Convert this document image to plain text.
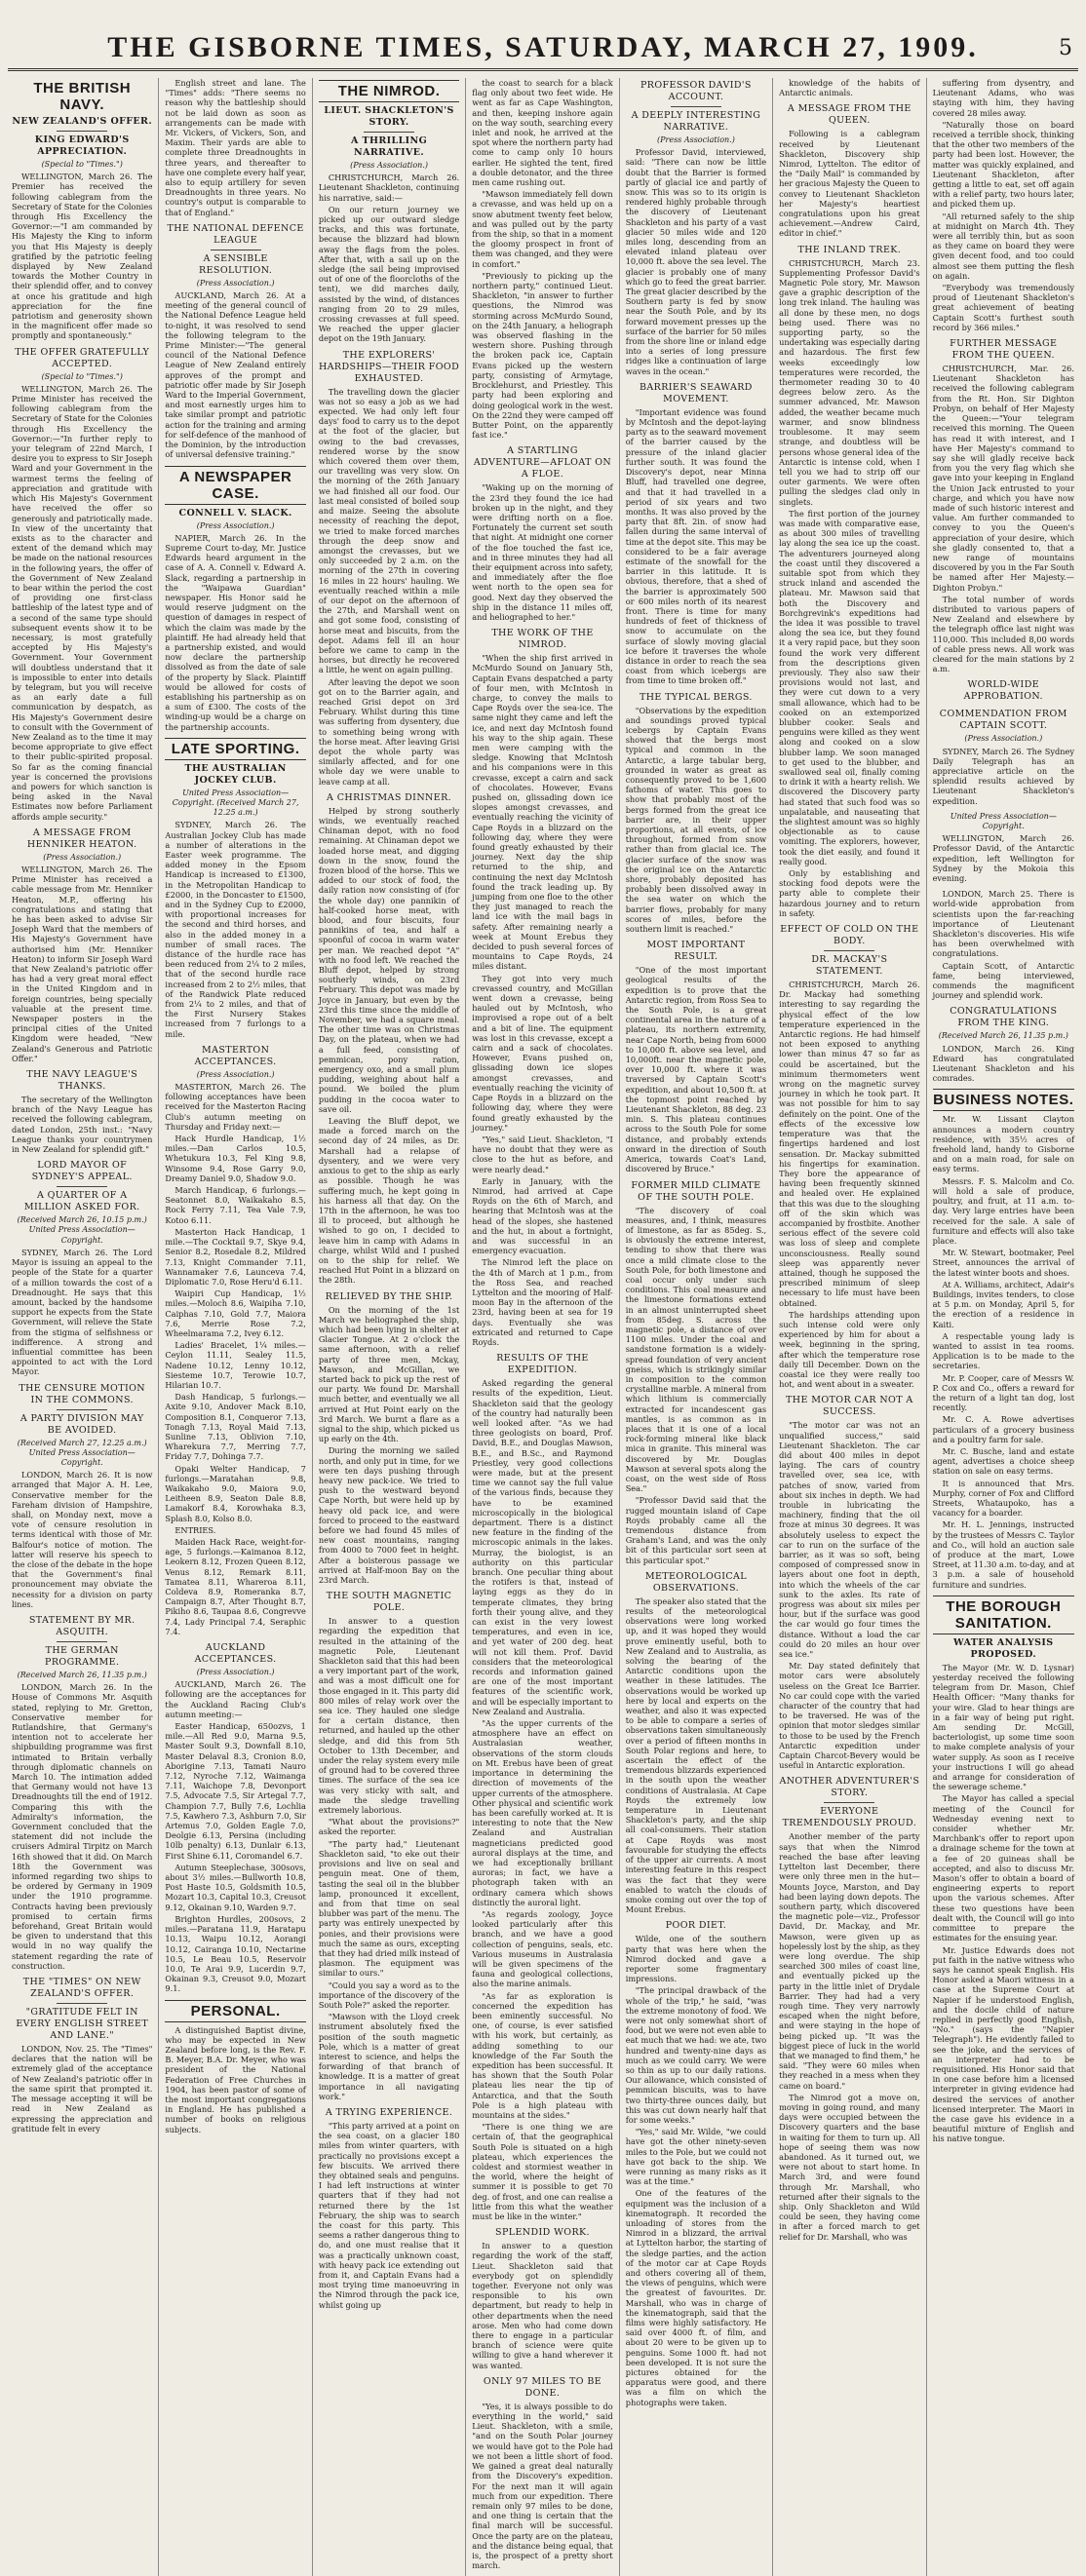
THE GISBORNE TIMES, SATURDAY, MARCH 27, 1909.	5
THE BRITISH NAVY.
NEW ZEALAND'S OFFER.
KING EDWARD'S APPRECIATION.
(Special to "Times.")

WELLINGTON, March 26. The Premier has received the following cablegram from the Secretary of State for the Colonies through His Excellency the Governor:—"I am commanded by His Majesty the King to inform you that His Majesty is deeply gratified by the patriotic feeling displayed by New Zealand towards the Mother Country in their splendid offer, and to convey at once his gratitude and high appreciation for the fine patriotism and generosity shown in the magnificent offer made so promptly and spontaneously."

THE OFFER GRATEFULLY ACCEPTED.
(Special to "Times.")

WELLINGTON, March 26. The Prime Minister has received the following cablegram from the Secretary of State for the Colonies through His Excellency the Governor:—"In further reply to your telegram of 22nd March, I desire you to express to Sir Joseph Ward and your Government in the warmest terms the feeling of appreciation and gratitude with which His Majesty's Government have received the offer so generously and patriotically made. In view of the uncertainty that exists as to the character and extent of the demand which may be made on the national resources in the following years, the offer of the Government of New Zealand to bear within the period the cost of providing one first-class battleship of the latest type and of a second of the same type should subsequent events show it to be necessary, is most gratefully accepted by His Majesty's Government. Your Government will doubtless understand that it is impossible to enter into details by telegram, but you will receive as an early date a full communication by despatch, as His Majesty's Government desire to consult with the Government of New Zealand as to the time it may become appropriate to give effect to their public-spirited proposal. So far as the coming financial year is concerned the provisions and powers for which sanction is being asked in the Naval Estimates now before Parliament affords ample security."

A MESSAGE FROM HENNIKER HEATON.
(Press Association.)

WELLINGTON, March 26. The Prime Minister has received a cable message from Mr. Henniker Heaton, M.P., offering his congratulations and stating that he has been asked to advise Sir Joseph Ward that the members of His Majesty's Government have authorised him (Mr. Henniker Heaton) to inform Sir Joseph Ward that New Zealand's patriotic offer has had a very great moral effect in the United Kingdom and in foreign countries, being specially valuable at the present time. Newspaper posters in the principal cities of the United Kingdom were headed, "New Zealand's Generous and Patriotic Offer."

THE NAVY LEAGUE'S THANKS.

The secretary of the Wellington branch of the Navy League has received the following cablegram, dated London, 25th inst.: "Navy League thanks your countrymen in New Zealand for splendid gift."

LORD MAYOR OF SYDNEY'S APPEAL.
A QUARTER OF A MILLION ASKED FOR.
(Received March 26, 10.15 p.m.) United Press Association—Copyright.

SYDNEY, March 26. The Lord Mayor is issuing an appeal to the people of the State for a quarter of a million towards the cost of a Dreadnought. He says that this amount, backed by the handsome support he expects from the State Government, will relieve the State from the stigma of selfishness or indifference. A strong and influential committee has been appointed to act with the Lord Mayor.

THE CENSURE MOTION IN THE COMMONS.
A PARTY DIVISION MAY BE AVOIDED.
(Received March 27, 12.25 a.m.) United Press Association—Copyright.

LONDON, March 26. It is now arranged that Major A. H. Lee, Conservative member for the Fareham division of Hampshire, shall, on Monday next, move a vote of censure resolution in terms identical with those of Mr. Balfour's notice of motion. The latter will reserve his speech to the close of the debate in the hope that the Government's final pronouncement may obviate the necessity for a division on party lines.

STATEMENT BY MR. ASQUITH.
THE GERMAN PROGRAMME.
(Received March 26, 11.35 p.m.)

LONDON, March 26. In the House of Commons Mr. Asquith stated, replying to Mr. Gretton, Conservative member for Rutlandshire, that Germany's intention not to accelerate her shipbuilding programme was first intimated to Britain verbally through diplomatic channels on March 10. The intimation added that Germany would not have 13 Dreadnoughts till the end of 1912. Comparing this with the Admiralty's information, the Government concluded that the statement did not include the cruisers Admiral Tirpitz on March 16th showed that it did. On March 18th the Government was informed regarding two ships to be ordered by Germany in 1909 under the 1910 programme. Contracts having been previously promised to certain firms beforehand, Great Britain would be given to understand that this would in no way qualify the statement regarding the rate of construction.

THE "TIMES" ON NEW ZEALAND'S OFFER.
"GRATITUDE FELT IN EVERY ENGLISH STREET AND LANE."

LONDON, Nov. 25. The "Times" declares that the nation will be extremely glad of the acceptance of New Zealand's patriotic offer in the same spirit that prompted it. The message accepting it will be read in New Zealand as expressing the appreciation and gratitude felt in every

English street and lane. The "Times" adds: "There seems no reason why the battleship should not be laid down as soon as arrangements can be made with Mr. Vickers, of Vickers, Son, and Maxim. Their yards are able to complete three Dreadnoughts in three years, and thereafter to have one complete every half year, also to equip artillery for seven Dreadnoughts in three years. No country's output is comparable to that of England."

THE NATIONAL DEFENCE LEAGUE
A SENSIBLE RESOLUTION.
(Press Association.)

AUCKLAND, March 26. At a meeting of the general council of the National Defence League held to-night, it was resolved to send the following telegram to the Prime Minister:—"The general council of the National Defence League of New Zealand entirely approves of the prompt and patriotic offer made by Sir Joseph Ward to the Imperial Government, and most earnestly urges him to take similar prompt and patriotic action for the training and arming for self-defence of the manhood of the Dominion, by the introduction of universal defensive training."

A NEWSPAPER CASE.
CONNELL V. SLACK.
(Press Association.)

NAPIER, March 26. In the Supreme Court to-day, Mr. Justice Edwards heard argument in the case of A. A. Connell v. Edward A. Slack, regarding a partnership in the "Waipawa Guardian" newspaper. His Honor said he would reserve judgment on the question of damages in respect of which the claim was made by the plaintiff. He had already held that a partnership existed, and would now declare the partnership dissolved as from the date of sale of the property by Slack. Plaintiff would be allowed for costs of establishing his partnership as on a sum of £300. The costs of the winding-up would be a charge on the partnership accounts.

LATE SPORTING.
THE AUSTRALIAN JOCKEY CLUB.
United Press Association—Copyright. (Received March 27, 12.25 a.m.)

SYDNEY, March 26. The Australian Jockey Club has made a number of alterations in the Easter week programme. The added money in the Epsom Handicap is increased to £1300, in the Metropolitan Handicap to £2000, in the Doncaster to £1500, and in the Sydney Cup to £2000, with proportional increases for the second and third horses, and also in the added money in a number of small races. The distance of the hurdle race has been reduced from 2¼ to 2 miles, that of the second hurdle race increased from 2 to 2½ miles, that of the Randwick Plate reduced from 2¼ to 2 miles, and that of the First Nursery Stakes increased from 7 furlongs to a mile.

MASTERTON ACCEPTANCES.
(Press Association.)

MASTERTON, March 26. The following acceptances have been received for the Masterton Racing Club's autumn meeting on Thursday and Friday next:—

Hack Hurdle Handicap, 1½ miles.—Dan Carlos 10.5, Whetukura 10.3, Fel King 9.8, Winsome 9.4, Rose Garry 9.0, Dreamy Daniel 9.0, Shadow 9.0.

March Handicap, 6 furlongs.—Seatonnet 8.0, Waikakaho 8.5, Rock Ferry 7.11, Tea Vale 7.9, Kotoo 6.11.

Masterton Hack Handicap, 1 mile.—The Cocktail 9.7, Skye 9.4, Senior 8.2, Rosedale 8.2, Mildred 7.13, Knight Commander 7.11, Wannamaker 7.6, Launceva 7.4, Diplomatic 7.0, Rose Heru'd 6.11.

Waipiri Cup Handicap, 1½ miles.—Moloch 8.6, Waipiha 7.10, Caiphas 7.10, Gold 7.7, Maiora 7.6, Merrie Rose 7.2, Wheelmarama 7.2, Ivey 6.12.

Ladies' Bracelet, 1¼ miles.—Ceylon 11.11, Sealey 11.5, Nadene 10.12, Lenny 10.12, Siesteme 10.7, Terowie 10.7, Hilarian 10.7.

Dash Handicap, 5 furlongs.—Axite 9.10, Andover Mack 8.10, Composition 8.1, Conqueror 7.13, Tonagh 7.13, Royal Maid 7.13, Sunline 7.13, Oblivion 7.10, Wharekura 7.7, Merring 7.7, Friday 7.7, Dohinga 7.7.

Opaki Welter Handicap, 7 furlongs.—Maratahan 9.8, Waikakaho 9.0, Maiora 9.0, Leitheen 8.9, Seaton Dale 8.8, Lamakorf 8.4, Korowhaka 8.3, Splash 8.0, Kolso 8.0.

ENTRIES.

Maiden Hack Race, weight-for-age, 5 furlongs.—Kaimanoa 8.12, Leokern 8.12, Frozen Queen 8.12, Venus 8.12, Remark 8.11, Tamatea 8.11, Whareroa 8.11, Coldeva 8.9, Romeranka 8.7, Campaign 8.7, After Thought 8.7, Pikiho 8.6, Taupaa 8.6, Congrevve 7.4, Lady Principal 7.4, Seraphic 7.4.

AUCKLAND ACCEPTANCES.
(Press Association.)

AUCKLAND, March 26. The following are the acceptances for the Auckland Racing Club's autumn meeting:—

Easter Handicap, 650ozvs, 1 mile.—All Red 9.0, Marna 9.5, Master Soult 9.3, Downfall 8.10, Master Delaval 8.3, Cronion 8.0, Aborigine 7.13, Tamati Nauro 7.12, Nyroche 7.12, Waimanga 7.11, Waichope 7.8, Devonport 7.5, Advocate 7.5, Sir Artegal 7.7, Champion 7.7, Bully 7.6, Lochlia 7.5, Kawhero 7.3, Ashburn 7.0, Sir Artemus 7.0, Golden Eagle 7.0, Deolgie 6.13, Persina (including 10lb penalty) 6.13, Dunlair 6.13, First Shine 6.11, Coromandel 6.7.

Autumn Steeplechase, 300sovs, about 3½ miles.—Bullworth 10.8, Post Haste 10.5, Goldsmith 10.5, Mozart 10.3, Capital 10.3, Creusot 9.12, Okainan 9.10, Warden 9.7.

Brighton Hurdles, 200sovs, 2 miles.—Paratana 11.9, Haratapu 10.13, Waipu 10.12, Aorangi 10.12, Cairanga 10.10, Nectarine 10.5, Le Beau 10.5, Reservoir 10.0, Te Arai 9.9, Lucerdin 9.7, Okainan 9.3, Creusot 9.0, Mozart 9.1.

PERSONAL.

A distinguished Baptist divine, who may be expected in New Zealand before long, is the Rev. F. B. Meyer, B.A. Dr. Meyer, who was president of the National Federation of Free Churches in 1904, has been pastor of some of the most important congregations in England. He has published a number of books on religious subjects.

THE NIMROD.
LIEUT. SHACKLETON'S STORY.
A THRILLING NARRATIVE.
(Press Association.)

CHRISTCHURCH, March 26. Lieutenant Shackleton, continuing his narrative, said:—

On our return journey we picked up our outward sledge tracks, and this was fortunate, because the blizzard had blown away the flags from the poles. After that, with a sail up on the sledge (the sail being improvised out of one of the floorcloths of the tent), we did marches daily, assisted by the wind, of distances ranging from 20 to 29 miles, crossing crevasses at full speed. We reached the upper glacier depot on the 19th January.

THE EXPLORERS' HARDSHIPS—THEIR FOOD EXHAUSTED.

The travelling down the glacier was not so easy a job as we had expected. We had only left four days' food to carry us to the depot at the foot of the glacier, but owing to the bad crevasses, rendered worse by the snow which covered them over them, our travelling was very slow. On the morning of the 26th January we had finished all our food. Our last meal consisted of boiled soup and maize. Seeing the absolute necessity of reaching the depot, we tried to make forced marches through the deep snow and amongst the crevasses, but we only succeeded by 2 a.m. on the morning of the 27th in covering 16 miles in 22 hours' hauling. We eventually reached within a mile of our depot on the afternoon of the 27th, and Marshall went on and got some food, consisting of horse meat and biscuits, from the depot. Adams fell ill an hour before we came to camp in the horses, but directly he recovered a little, he went on again pulling.

After leaving the depot we soon got on to the Barrier again, and reached Grisi depot on 3rd February. Whilst during this time was suffering from dysentery, due to something being wrong with the horse meat. After leaving Grisi depot the whole party was similarly affected, and for one whole day we were unable to leave camp at all.

A CHRISTMAS DINNER.

Helped by strong southerly winds, we eventually reached Chinaman depot, with no food remaining. At Chinaman depot we loaded horse meat, and digging down in the snow, found the frozen blood of the horse. This we added to our stock of food, the daily ration now consisting of (for the whole day) one pannikin of half-cooked horse meat, with blood, and four biscuits, four pannikins of tea, and half a spoonful of cocoa in warm water per man. We reached depot "A" with no food left. We reached the Bluff depot, helped by strong southerly winds, on 23rd February. This depot was made by Joyce in January, but even by the 23rd this time since the middle of November, we had a square meal. The other time was on Christmas Day, on the plateau, when we had a full feed, consisting of pemmican, pony ration, emergency oxo, and a small plum pudding, weighing about half a pound. We boiled the plum pudding in the cocoa water to save oil.

Leaving the Bluff depot, we made a forced march on the second day of 24 miles, as Dr. Marshall had a relapse of dysentery, and we were very anxious to get to the ship as early as possible. Though he was suffering much, he kept going in his harness all that day. On the 17th in the afternoon, he was too ill to proceed, but although he wished to go on, I decided to leave him in camp with Adams in charge, whilst Wild and I pushed on to the ship for relief. We reached Hut Point in a blizzard on the 28th.

RELIEVED BY THE SHIP.

On the morning of the 1st March we heliographed the ship, which had been lying in shelter at Glacier Tongue. At 2 o'clock the same afternoon, with a relief party of three men, Mckay, Mawson, and McGillan, we started back to pick up the rest of our party. We found Dr. Marshall much better, and eventually we all arrived at Hut Point early on the 3rd March. We burnt a flare as a signal to the ship, which picked us up early on the 4th.

During the morning we sailed north, and only put in time, for we were ten days pushing through heavy new pack-ice. We tried to push to the westward beyond Cape North, but were held up by heavy old pack ice, and were forced to proceed to the eastward before we had found 45 miles of new coast mountains, ranging from 4000 to 7000 feet in height. After a boisterous passage we arrived at Half-moon Bay on the 23rd March.

THE SOUTH MAGNETIC POLE.

In answer to a question regarding the expedition that resulted in the attaining of the magnetic Pole, Lieutenant Shackleton said that this had been a very important part of the work, and was a most difficult one for those engaged in it. This party did 800 miles of relay work over the sea ice. They hauled one sledge for a certain distance, then returned, and hauled up the other sledge, and did this from 5th October to 13th December, and under the relay system every mile of ground had to be covered three times. The surface of the sea ice was very sticky with salt, and made the sledge travelling extremely laborious.

"What about the provisions?" asked the reporter.

"The party had," Lieutenant Shackleton said, "to eke out their provisions and live on seal and penguin meat. One of them, tasting the seal oil in the blubber lamp, pronounced it excellent, and from that time on seal blubber was part of the menu. The party was entirely unexpected by ponies, and their provisions were much the same as ours, excepting that they had dried milk instead of plasmon. The equipment was similar to ours."

"Could you say a word as to the importance of the discovery of the South Pole?" asked the reporter.

"Mawson with the Lloyd creek instrument absolutely fixed the position of the south magnetic Pole, which is a matter of great interest to science, and helps the forwarding of that branch of knowledge. It is a matter of great importance in all navigating work."

A TRYING EXPERIENCE.

"This party arrived at a point on the sea coast, on a glacier 180 miles from winter quarters, with practically no provisions except a few biscuits. We arrived there they obtained seals and penguins. I had left instructions at winter quarters that if they had not returned there by the 1st February, the ship was to search the coast for this party. This seems a rather dangerous thing to do, and one must realise that it was a practically unknown coast, with heavy pack ice extending out from it, and Captain Evans had a most trying time manoeuvring in the Nimrod through the pack ice, whilst going up

the coast to search for a black flag only about two feet wide. He went as far as Cape Washington, and then, keeping inshore again on the way south, searching every inlet and nook, he arrived at the spot where the northern party had come to camp only 10 hours earlier. He sighted the tent, fired a double detonator, and the three men came rushing out.

"Mawson immediately fell down a crevasse, and was held up on a snow abutment twenty feet below, and was pulled out by the party from the ship, so that in a moment the gloomy prospect in front of them was changed, and they were in comfort."

"Previously to picking up the northern party," continued Lieut. Shackleton, "in answer to further questions, the Nimrod was storming across McMurdo Sound, on the 24th January, a heliograph was observed flashing in the western shore. Pushing through the broken pack ice, Captain Evans picked up the western party, consisting of Armytage, Brocklehurst, and Priestley. This party had been exploring and doing geological work in the west. On the 22nd they were camped off Butter Point, on the apparently fast ice."

A STARTLING ADVENTURE—AFLOAT ON A FLOE.

"Waking up on the morning of the 23rd they found the ice had broken up in the night, and they were drifting north on a floe. Fortunately the current set south that night. At midnight one corner of the floe touched the fast ice, and in three minutes they had all their equipment across into safety, and immediately after the floe went north to the open sea for good. Next day they observed the ship in the distance 11 miles off, and heliographed to her."

THE WORK OF THE NIMROD.

"When the ship first arrived in McMurdo Sound on January 5th, Captain Evans despatched a party of four men, with McIntosh in charge, to convey the mails to Cape Royds over the sea-ice. The same night they came and left the ice, and next day McIntosh found his way to the ship again. These men were camping with the sledge. Knowing that McIntosh and his companions were in this crevasse, except a cairn and sack of chocolates. However, Evans pushed on, glissading down ice slopes amongst crevasses, and eventually reaching the vicinity of Cape Royds in a blizzard on the following day, where they were found greatly exhausted by their journey. Next day the ship returned to the ship, and continuing the next day McIntosh found the track leading up. By jumping from one floe to the other they just managed to reach the land ice with the mail bags in safety. After remaining nearly a week at Mount Erebus they decided to push several forces of mountains to Cape Royds, 24 miles distant.

They got into very much crevassed country, and McGillan went down a crevasse, being hauled out by McIntosh, who improvised a rope out of a belt and a bit of line. The equipment was lost in this crevasse, except a cairn and a sack of chocolates. However, Evans pushed on, glissading down ice slopes amongst crevasses, and eventually reaching the vicinity of Cape Royds in a blizzard on the following day, where they were found greatly exhausted by the journey."

"Yes," said Lieut. Shackleton, "I have no doubt that they were as close to the hut as before, and were nearly dead."

Early in January, with the Nimrod, had arrived at Cape Royds on the 6th of March, and hearing that McIntosh was at the head of the slopes, she hastened and the hut, in about a fortnight, and was successful in an emergency evacuation.

The Nimrod left the place on the 4th of March at 1 p.m., from the Ross Sea, and reached Lyttelton and the mooring of Half-moon Bay in the afternoon of the 23rd, having been at sea for 19 days. Eventually she was extricated and returned to Cape Royds.

RESULTS OF THE EXPEDITION.

Asked regarding the general results of the expedition, Lieut. Shackleton said that the geology of the country had naturally been well looked after. "As we had three geologists on board, Prof. David, B.E., and Douglas Mawson, B.E., and B.Sc., and Raymond Priestley, very good collections were made, but at the present time we cannot say the full value of the various finds, because they have to be examined microscopically in the biological department. There is a distinct new feature in the finding of the microscopic animals in the lakes. Murray, the biologist, is an authority on this particular branch. One peculiar thing about the rotifers is that, instead of laying eggs as they do in temperate climates, they bring forth their young alive, and they can exist in the very lowest temperatures, and even in ice, and yet water of 200 deg. heat will not kill them. Prof. David considers that the meteorological records and information gained are one of the most important features of the scientific work, and will be especially important to New Zealand and Australia.

"As the upper currents of the atmosphere have an effect on Australasian weather, observations of the storm clouds on Mt. Erebus have been of great importance in determining the direction of movements of the upper currents of the atmosphere. Other physical and scientific work has been carefully worked at. It is interesting to note that the New Zealand and Australian magneticians predicted good auroral displays at the time, and we had exceptionally brilliant auroras; in fact, we have a photograph taken with an ordinary camera which shows distinctly the auroral light.

"As regards zoology, Joyce looked particularly after this branch, and we have a good collection of penguins, seals, etc. Various museums in Australasia will be given specimens of the fauna and geological collections, also the marine animals.

"As far as exploration is concerned the expedition has been eminently successful. No one, of course, is ever satisfied with his work, but certainly, as adding something to our knowledge of the Far South the expedition has been successful. It has shown that the South Polar plateau lies near the tip of Antarctica, and that the South Pole is a high plateau with mountains at the sides."

"There is one thing we are certain of, that the geographical South Pole is situated on a high plateau, which experiences the coldest and stormiest weather in the world, where the height of summer it is possible to get 70 deg. of frost, and one can realise a little from this what the weather must be like in the winter."

SPLENDID WORK.

In answer to a question regarding the work of the staff, Lieut. Shackleton said that everybody got on splendidly together. Everyone not only was responsible to his own department, but ready to help in other departments when the need arose. Men who had come down there to engage in a particular branch of science were quite willing to give a hand wherever it was wanted.

ONLY 97 MILES TO BE DONE.

"Yes, it is always possible to do everything in the world," said Lieut. Shackleton, with a smile, "and on the South Polar journey we would have got to the Pole had we not been a little short of food. We gained a great deal naturally from the Discovery's expedition. For the next man it will again much from our expedition. There remain only 97 miles to be done, and one thing is certain that the final march will be successful. Once the party are on the plateau, and the distance being equal, that is, the prospect of a pretty short march.

PROFESSOR DAVID'S ACCOUNT.
A DEEPLY INTERESTING NARRATIVE.
(Press Association.)

Professor David, interviewed, said: "There can now be little doubt that the Barrier is formed partly of glacial ice and partly of snow. This was so to its origin is rendered highly probable through the discovery of Lieutenant Shackleton and his party of a vast glacier 50 miles wide and 120 miles long, descending from an elevated inland plateau over 10,000 ft. above the sea level. The glacier is probably one of many which go to feed the great barrier. The great glacier described by the Southern party is fed by snow near the South Pole, and by its forward movement presses up the surface of the barrier for 50 miles from the shore line or inland edge into a series of long pressure ridges like a continuation of large waves in the ocean."

BARRIER'S SEAWARD MOVEMENT.

"Important evidence was found by McIntosh and the depot-laying party as to the seaward movement of the barrier caused by the pressure of the inland glacier further south. It was found the Discovery's depot, near Minna Bluff, had travelled one degree, and that it had travelled in a period of six years and two months. It was also proved by the party that 8ft. 2in. of snow had fallen during the same interval of time at the depot site. This may be considered to be a fair average estimate of the snowfall for the barrier in this latitude. It is obvious, therefore, that a shed of the barrier is approximately 500 or 600 miles north of its nearest front. There is time for many hundreds of feet of thickness of snow to accumulate on the surface of slowly moving glacial ice before it traverses the whole distance in order to reach the sea coast from which icebergs are from time to time broken off."

THE TYPICAL BERGS.

"Observations by the expedition and soundings proved typical icebergs by Captain Evans showed that the bergs most typical and common in the Antarctic, a large tabular berg, grounded in water as great as consequently proved to be 1,600 fathoms of water. This goes to show that probably most of the bergs formed from the great ice barrier are, in their upper proportions, at all events, of ice throughout, formed from snow rather than from glacial ice. The glacier surface of the snow was the original ice on the Antarctic shore, probably deposited has probably been dissolved away in the sea water on which the barrier flows, probably for many scores of miles, before the southern limit is reached."

MOST IMPORTANT RESULT.

"One of the most important geological results of the expedition is to prove that the Antarctic region, from Ross Sea to the South Pole, is a great continental area in the nature of a plateau, its northern extremity, near Cape North, being from 6000 to 10,000 ft. above sea level, and 10,000ft. near the magnetic pole, over 10,000 ft. where it was traversed by Captain Scott's expedition, and about 10,500 ft. at the topmost point reached by Lieutenant Shackleton, 88 deg. 23 min. S. This plateau continues across to the South Pole for some distance, and probably extends onward in the direction of South America, towards Coat's Land, discovered by Bruce."

FORMER MILD CLIMATE OF THE SOUTH POLE.

"The discovery of coal measures, and, I think, measures of limestone, as far as 85deg. S., is obviously the extreme interest, tending to show that there was once a mild climate close to the South Pole, for both limestone and coal occur only under such conditions. This coal measure and the limestone formations extend in an almost uninterrupted sheet from 85deg. S. across the magnetic pole, a distance of over 1100 miles. Under the coal and sandstone formation is a widely-spread foundation of very ancient gneiss, which is strikingly similar in composition to the common crystalline marble. A mineral from which lithium is commercially extracted for incandescent gas mantles, is as common as in places that it is one of a local rock-forming mineral like black mica in granite. This mineral was discovered by Mr. Douglas Mawson at several spots along the coast, on the west side of Ross Sea."

"Professor David said that the rugged mountain island of Cape Royds probably came all the tremendous distance from Graham's Land, and was the only bit of this particular sort seen at this particular spot."

METEOROLOGICAL OBSERVATIONS.

The speaker also stated that the results of the meteorological observations were long worked up, and it was hoped they would prove eminently useful, both to New Zealand and to Australia, as solving the bearing of the Antarctic conditions upon the weather in these latitudes. The observations would be worked up here by local and experts on the weather, and also it was expected to be able to compare a series of observations taken simultaneously over a period of fifteen months in South Polar regions and here, to ascertain the effect of the tremendous blizzards experienced in the south upon the weather conditions of Australasia. At Cape Royds the extremely low temperature in Lieutenant Shackleton's party, and the ship all coal-consumers. Their station at Cape Royds was most favourable for studying the effects of the upper air currents. A most interesting feature in this respect was the fact that they were enabled to watch the clouds of smoke coming out over the top of Mount Erebus.

POOR DIET.

Wilde, one of the southern party that was here when the Nimrod docked and gave a reporter some fragmentary impressions.

"The principal drawback of the whole of the trip," he said, "was the extreme monotony of food. We were not only somewhat short of food, but we were not even able to eat much that we had: we ate, two hundred and twenty-nine days as much as we could carry. We were so thin as up to our daily rations. Our allowance, which consisted of pemmican biscuits, was to have two thirty-three ounces daily, but this was cut down nearly half that for some weeks."

"Yes," said Mr. Wilde, "we could have got the other ninety-seven miles to the Pole, but we could not have got back to the ship. We were running as many risks as it was at the time."

One of the features of the equipment was the inclusion of a kinematograph. It recorded the unloading of stores from the Nimrod in a blizzard, the arrival at Lyttelton harbor, the starting of the sledge parties, and the action of the motor car at Cape Royds and others covering all of them, the views of penguins, which were the greatest of favourites. Dr. Marshall, who was in charge of the kinematograph, said that the films were highly satisfactory. He said over 4000 ft. of film, and about 20 were to be given up to penguins. Some 1000 ft. had not been developed. It is not sure the pictures obtained for the apparatus were good, and there was a film on which the photographs were taken.

knowledge of the habits of Antarctic animals.

A MESSAGE FROM THE QUEEN.

Following is a cablegram received by Lieutenant Shackleton, Discovery ship Nimrod, Lyttelton. The editor of the "Daily Mail" is commanded by her gracious Majesty the Queen to convey to Lieutenant Shackleton her Majesty's heartiest congratulations upon his great achievement.—Andrew Caird, editor in chief."

THE INLAND TREK.

CHRISTCHURCH, March 23. Supplementing Professor David's Magnetic Pole story, Mr. Mawson gave a graphic description of the long trek inland. The hauling was all done by these men, no dogs being used. There was no supporting party, so the undertaking was especially daring and hazardous. The first few weeks exceedingly low temperatures were recorded, the thermometer reading 30 to 40 degrees below zero. As the summer advanced, Mr. Mawson added, the weather became much warmer, and snow blindness troublesome. It may seem strange, and doubtless will be persons whose general idea of the Antarctic is intense cold, when I tell you we had to strip off our outer garments. We were often pulling the sledges clad only in singlets.

The first portion of the journey was made with comparative ease, as about 300 miles of travelling lay along the sea ice up the coast. The adventurers journeyed along the coast until they discovered a suitable spot from which they struck inland and ascended the plateau. Mr. Mawson said that both the Discovery and Borchgrevink's expeditions had the idea it was possible to travel along the sea ice, but they found it a very rapid pace, but they soon found the work very different from the descriptions given previously. They also saw their provisions would not last, and they were cut down to a very small allowance, which had to be cooked on an extemporized blubber cooker. Seals and penguins were killed as they went along and cooked on a slow blubber lamp. We soon managed to get used to the blubber, and swallowed seal oil, finally coming to drink it with a hearty relish. We discovered the Discovery party had stated that such food was so unpalatable, and nauseating that the slightest amount was so highly objectionable as to cause vomiting. The explorers, however, took the diet easily, and found it really good.

Only by establishing and stocking food depots were the party able to complete their hazardous journey and to return in safety.

EFFECT OF COLD ON THE BODY.
DR. MACKAY'S STATEMENT.

CHRISTCHURCH, March 26. Dr. Mackay had something interesting to say regarding the physical effect of the low temperature experienced in the Antarctic regions. He had himself not been exposed to anything lower than minus 47 so far as could be ascertained, but the minimum thermometers went wrong on the magnetic survey journey in which he took part. It was not possible for him to say definitely on the point. One of the effects of the excessive low temperature was that the fingertips hardened and lost sensation. Dr. Mackay submitted his fingertips for examination. They bore the appearance of having been frequently skinned and healed over. He explained that this was due to the sloughing off of the skin which was accompanied by frostbite. Another serious effect of the severe cold was loss of sleep and complete unconsciousness. Really sound sleep was apparently never attained, though he supposed the prescribed minimum of sleep necessary to life must have been obtained.

The hardships attending upon such intense cold were only experienced by him for about a week, beginning in the spring, after which the temperature rose daily till December. Down on the coastal ice they were really too hot, and went about in a sweater.

THE MOTOR CAR NOT A SUCCESS.

"The motor car was not an unqualified success," said Lieutenant Shackleton. The car did about 400 miles in depot laying. The cars of country travelled over, sea ice, with patches of snow, varied from about six inches in depth. We had trouble in lubricating the machinery, finding that the oil froze at minus 30 degrees. It was absolutely useless to expect the car to run on the surface of the barrier, as it was so soft, being composed of compressed snow in layers about one foot in depth, into which the wheels of the car sunk to the axles. Its rate of progress was about six miles per hour, but if the surface was good the car would go four times the distance. Without a load the car could do 20 miles an hour over sea ice."

Mr. Day stated definitely that motor cars were absolutely useless on the Great Ice Barrier. No car could cope with the varied character of the country that had to be traversed. He was of the opinion that motor sledges similar to those to be used by the French Antarctic expedition under Captain Charcot-Bevery would be useful in Antarctic exploration.

ANOTHER ADVENTURER'S STORY.
EVERYONE TREMENDOUSLY PROUD.

Another member of the party says that when the Nimrod reached the base after leaving Lyttelton last December, there were only three men in the hut—Mounts Joyce, Marston, and Day had been laying down depots. The southern party, which discovered the magnetic pole—viz., Professor David, Dr. Mackay, and Mr. Mawson, were given up as hopelessly lost by the ship, as they were long overdue. The ship searched 300 miles of coast line, and eventually picked up the party in the little inlet of Drydale Barrier. They had had a very rough time. They very narrowly escaped when the night before, and were staying in the hope of being picked up. "It was the biggest piece of luck in the world that we managed to find them," he said. "They were 60 miles when they reached in a mess when they came on board."

The Nimrod got a move on, moving in going round, and many days were occupied between the Discovery quarters and the base in waiting for them to turn up. All hope of seeing them was now abandoned. As it turned out, we were not about to start home. In March 3rd, and were found through Mr. Marshall, who returned after their signals to the ship. Only Shackleton and Wild could be seen, they having come in after a forced march to get relief for Dr. Marshall, who was

suffering from dysentry, and Lieutenant Adams, who was staying with him, they having covered 28 miles away.

"Naturally those on board received a terrible shock, thinking that the other two members of the party had been lost. However, the matter was quickly explained, and Lieutenant Shackleton, after getting a little to eat, set off again with a relief party, two hours later, and picked them up.

"All returned safely to the ship at midnight on March 4th. They were all terribly thin, but as soon as they came on board they were given decent food, and too could almost see them putting the flesh on again.

"Everybody was tremendously proud of Lieutenant Shackleton's great achievement of beating Captain Scott's furthest south record by 366 miles."

FURTHER MESSAGE FROM THE QUEEN.

CHRISTCHURCH, Mar. 26. Lieutenant Shackleton has received the following cablegram from the Rt. Hon. Sir Dighton Probyn, on behalf of Her Majesty the Queen:—"Your telegram received this morning. The Queen has read it with interest, and I have Her Majesty's command to say she will gladly receive back from you the very flag which she gave into your keeping in England the Union Jack entrusted to your charge, and which you have now made of such historic interest and value. Am further commanded to convey to you the Queen's appreciation of your desire, which she gladly consented to, that a new range of mountains discovered by you in the Far South be named after Her Majesty.—Dighton Probyn."

The total number of words distributed to various papers of New Zealand and elsewhere by the telegraph office last night was 110,000. This included 8,00 words of cable press news. All work was cleared for the main stations by 2 a.m.

WORLD-WIDE APPROBATION.
COMMENDATION FROM CAPTAIN SCOTT.
(Press Association.)

SYDNEY, March 26. The Sydney Daily Telegraph has an appreciative article on the splendid results achieved by Lieutenant Shackleton's expedition.

United Press Association—Copyright.

WELLINGTON, March 26. Professor David, of the Antarctic expedition, left Wellington for Sydney by the Mokoia this evening.

LONDON, March 25. There is world-wide approbation from scientists upon the far-reaching importance of Lieutenant Shackleton's discoveries. His wife has been overwhelmed with congratulations.

Captain Scott, of Antarctic fame, being interviewed, commends the magnificent journey and splendid work.

CONGRATULATIONS FROM THE KING.
(Received March 26, 11.35 p.m.)

LONDON, March 26. King Edward has congratulated Lieutenant Shackleton and his comrades.

BUSINESS NOTES.

Mr. W. Lissant Clayton announces a modern country residence, with 35½ acres of freehold land, handy to Gisborne and on a main road, for sale on easy terms.

Messrs. F. S. Malcolm and Co. will hold a sale of produce, poultry, and fruit, at 11 a.m. to-day. Very large entries have been received for the sale. A sale of furniture and effects will also take place.

Mr. W. Stewart, bootmaker, Peel Street, announces the arrival of the latest winter boots and shoes.

At A. Williams, architect, Adair's Buildings, invites tenders, to close at 5 p.m. on Monday, April 5, for the erection of a residence in Kaiti.

A respectable young lady is wanted to assist in tea rooms. Application is to be made to the secretaries.

Mr. P. Cooper, care of Messrs W. P. Cox and Co., offers a reward for the return of a light tan dog, lost recently.

Mr. C. A. Rowe advertises particulars of a grocery business and a poultry farm for sale.

Mr. C. Busche, land and estate agent, advertises a choice sheep station on sale on easy terms.

It is announced that Mrs. Murphy, corner of Fox and Clifford Streets, Whataupoko, has a vacancy for a boarder.

Mr. H. L. Jennings, instructed by the trustees of Messrs C. Taylor and Co., will hold an auction sale of produce at the mart, Lowe Street, at 11.30 a.m. to-day, and at 3 p.m. a sale of household furniture and sundries.

THE BOROUGH SANITATION.
WATER ANALYSIS PROPOSED.

The Mayor (Mr. W. D. Lysnar) yesterday received the following telegram from Dr. Mason, Chief Health Officer: "Many thanks for your wire. Glad to hear things are in a fair way of being put right. Am sending Dr. McGill, bacteriologist, up some time soon to make complete analysis of your water supply. As soon as I receive your instructions I will go ahead and arrange for consideration of the sewerage scheme."

The Mayor has called a special meeting of the Council for Wednesday evening next to consider whether Mr. Marchbank's offer to report upon a drainage scheme for the town at a fee of 20 guineas shall be accepted, and also to discuss Mr. Mason's offer to obtain a board of engineering experts to report upon the various schemes. After these two questions have been dealt with, the Council will go into committee to prepare the estimates for the ensuing year.

Mr. Justice Edwards does not put faith in the native witness who says he cannot speak English. His Honor asked a Maori witness in a case at the Supreme Court at Napier if he understood English, and the docile child of nature replied in perfectly good English, "No." (says the "Napier Telegraph"). He evidently failed to see the joke, and the services of an interpreter had to be requisitioned. His Honor said that in one case before him a licensed interpreter in giving evidence had desired the services of another licensed interpreter. The Maori in the case gave his evidence in a beautiful mixture of English and his native tongue.
